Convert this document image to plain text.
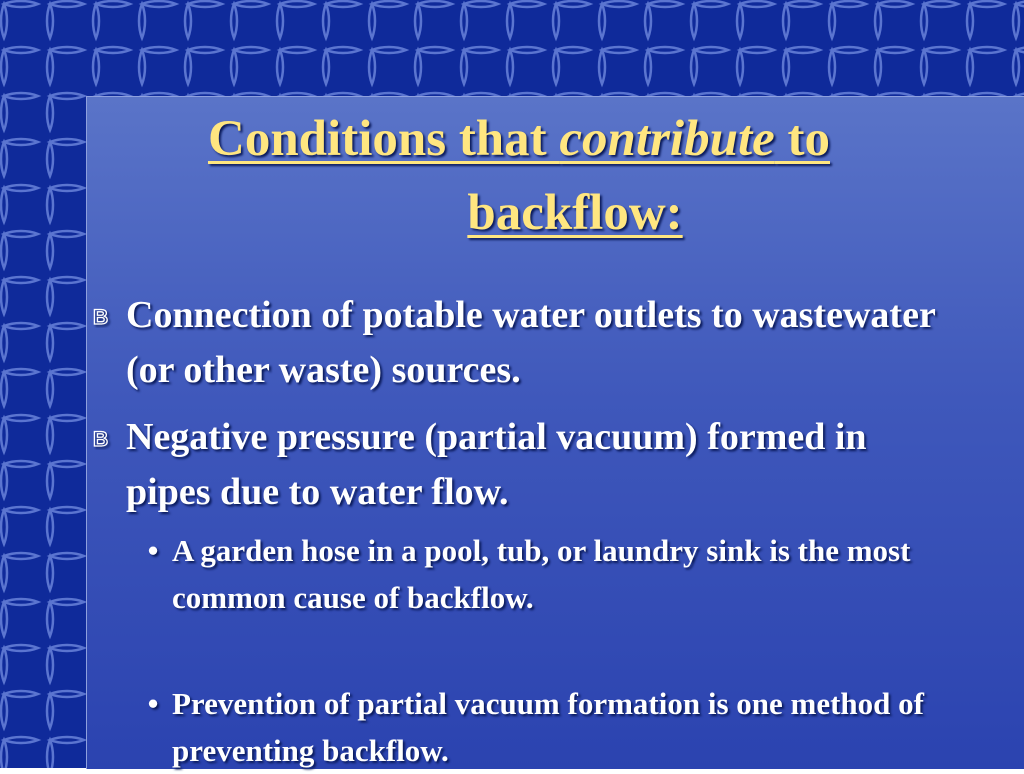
Conditions that contribute to
backflow:

B Connection of potable water outlets to wastewater (or other waste) sources.

B Negative pressure (partial vacuum) formed in pipes due to water flow.

• A garden hose in a pool, tub, or laundry sink is the most common cause of backflow.

• Prevention of partial vacuum formation is one method of preventing backflow.
